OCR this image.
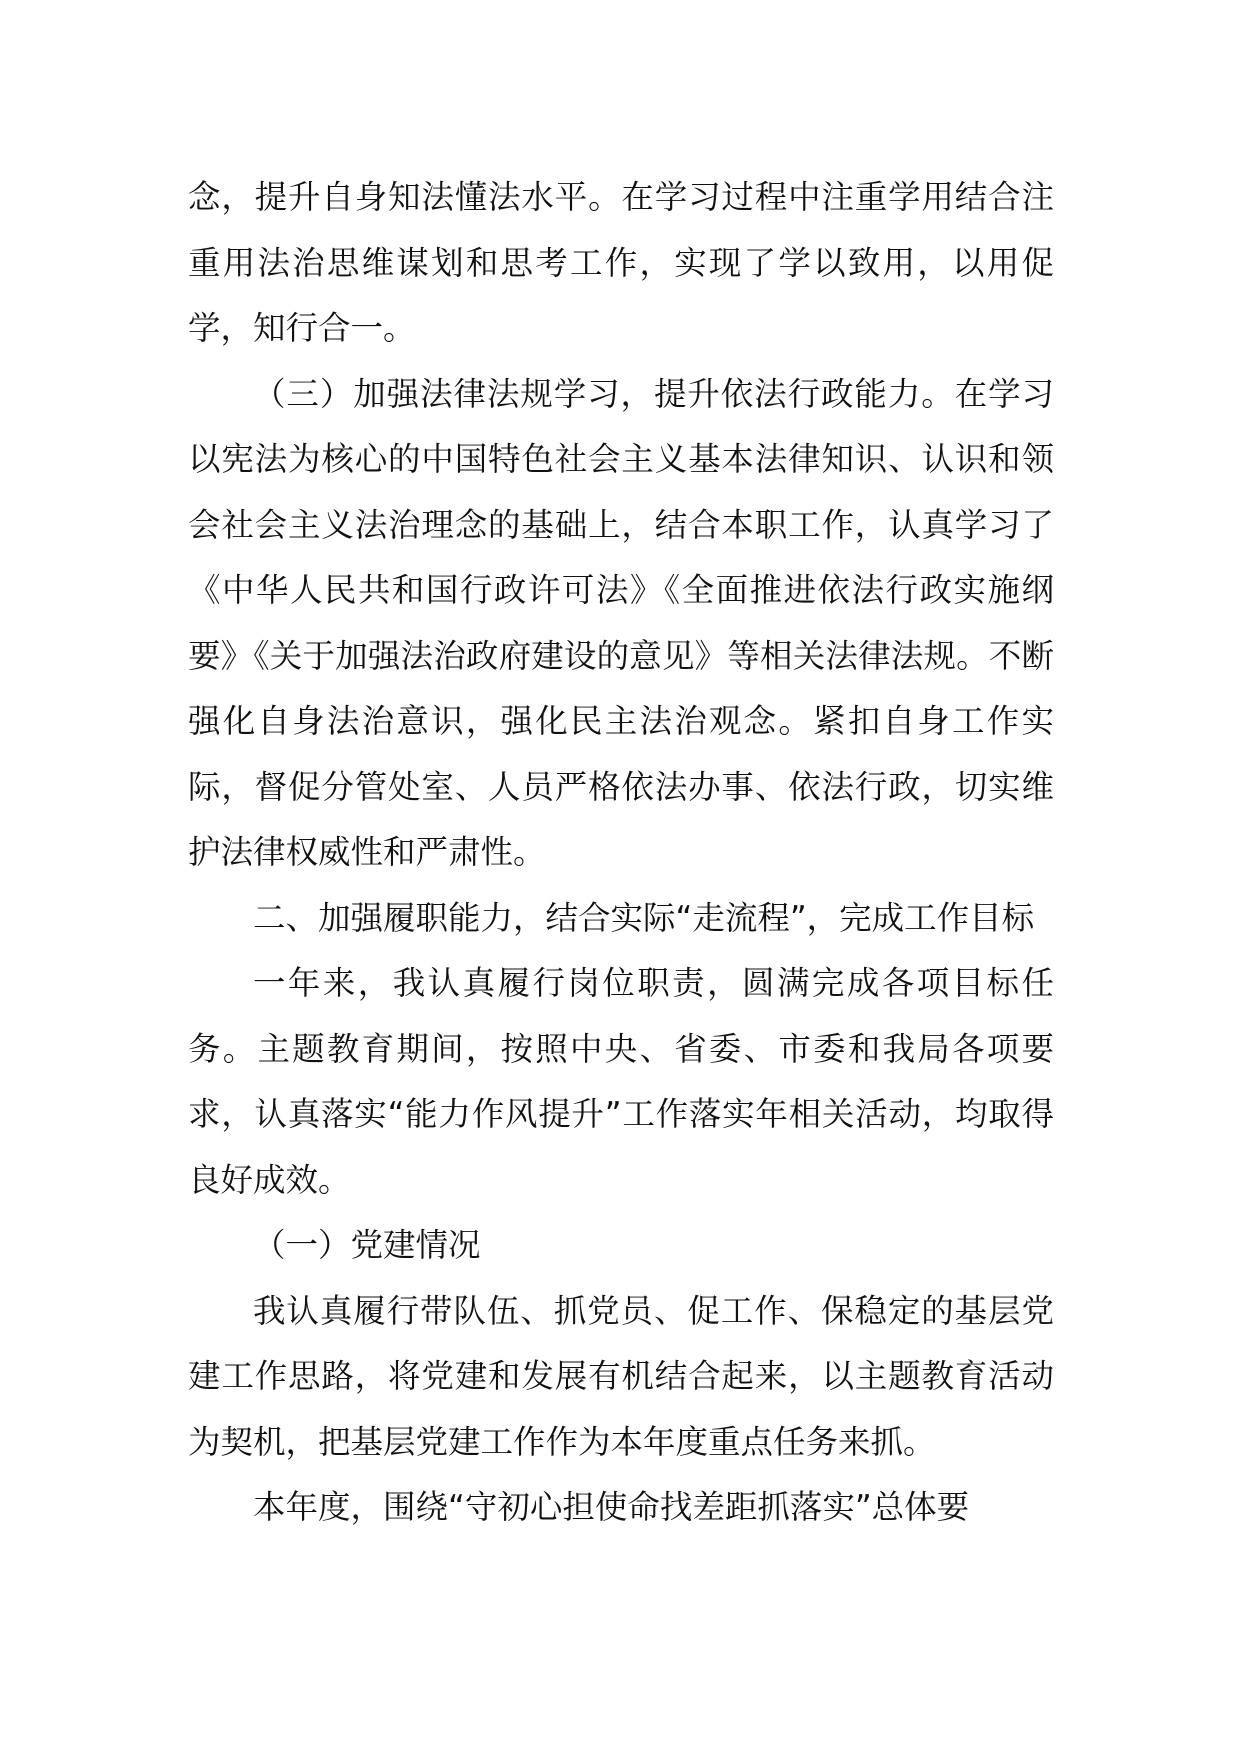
念，提升自身知法懂法水平。在学习过程中注重学用结合注重用法治思维谋划和思考工作，实现了学以致用，以用促学，知行合一。

（三）加强法律法规学习，提升依法行政能力。在学习以宪法为核心的中国特色社会主义基本法律知识、认识和领会社会主义法治理念的基础上，结合本职工作，认真学习了《中华人民共和国行政许可法》《全面推进依法行政实施纲要》《关于加强法治政府建设的意见》等相关法律法规。不断强化自身法治意识，强化民主法治观念。紧扣自身工作实际，督促分管处室、人员严格依法办事、依法行政，切实维护法律权威性和严肃性。

二、加强履职能力，结合实际“走流程”，完成工作目标

一年来，我认真履行岗位职责，圆满完成各项目标任务。主题教育期间，按照中央、省委、市委和我局各项要求，认真落实“能力作风提升”工作落实年相关活动，均取得良好成效。

（一）党建情况

我认真履行带队伍、抓党员、促工作、保稳定的基层党建工作思路，将党建和发展有机结合起来，以主题教育活动为契机，把基层党建工作作为本年度重点任务来抓。

本年度，围绕“守初心担使命找差距抓落实”总体要
